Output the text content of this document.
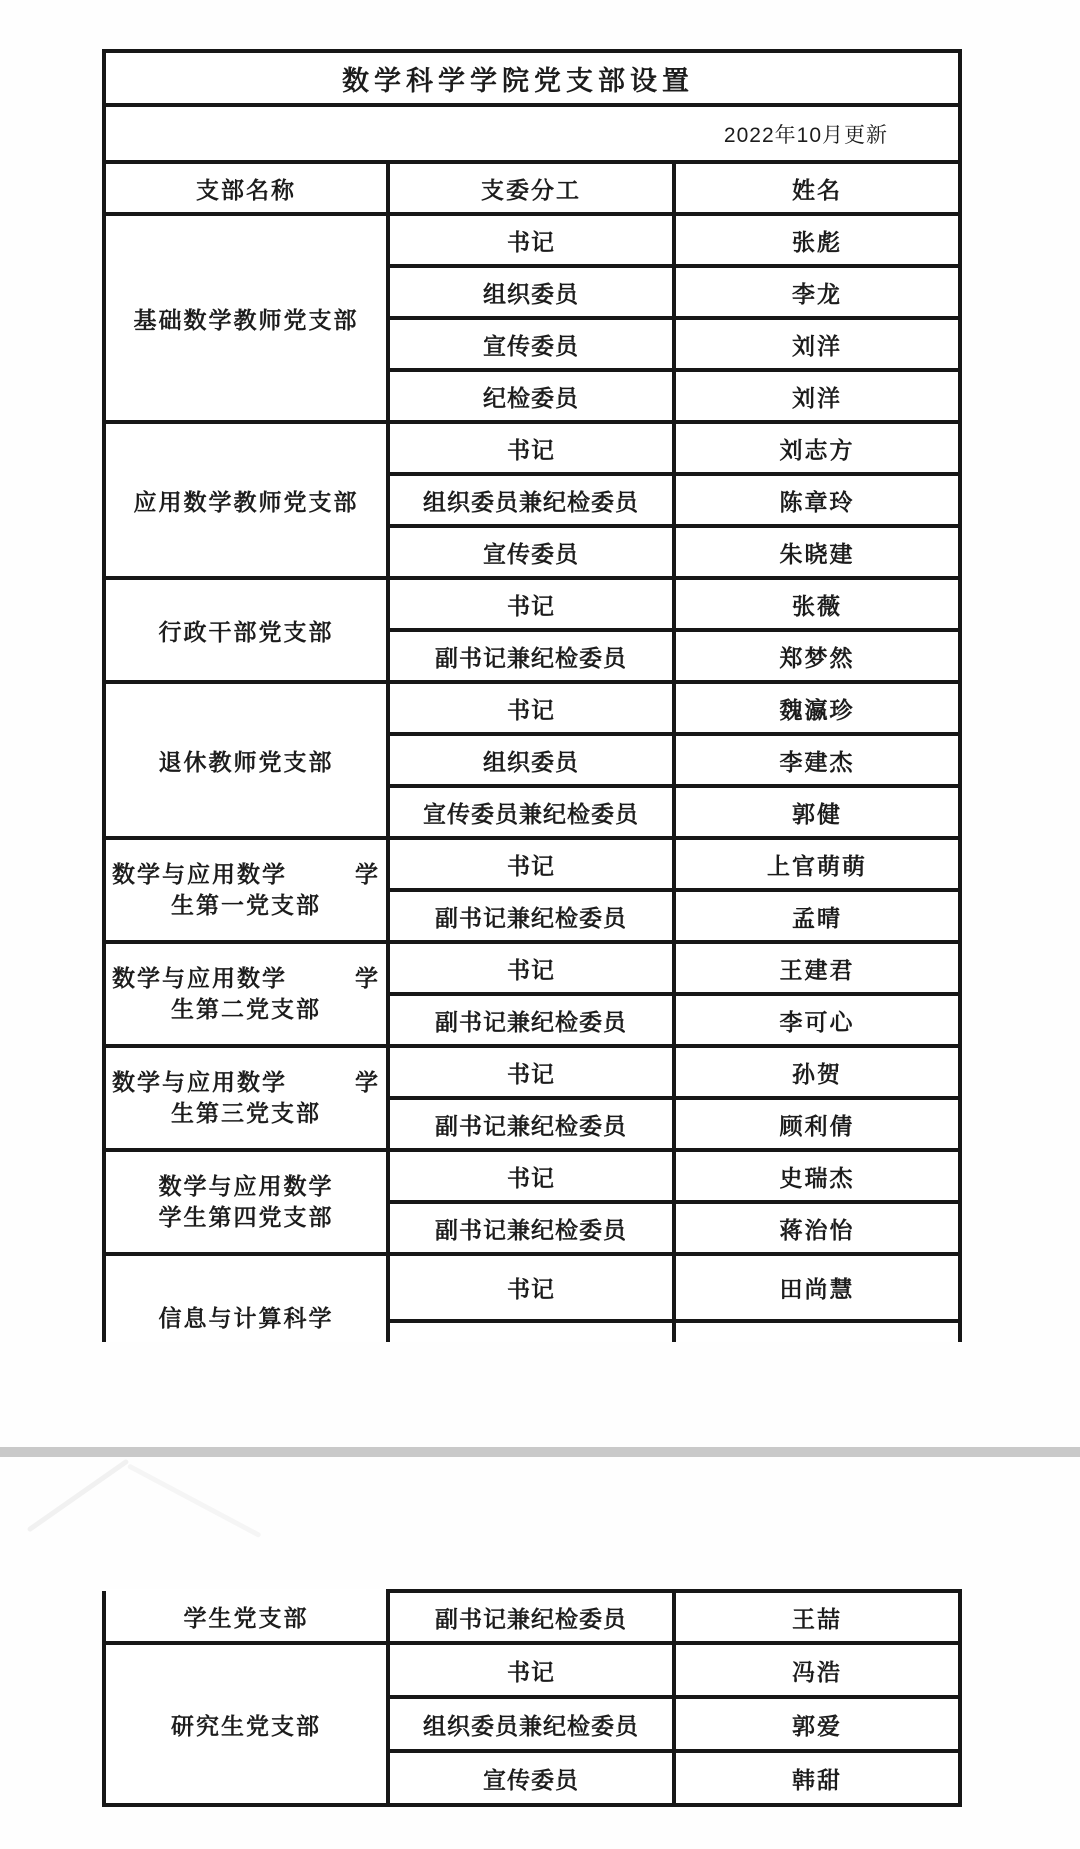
数学科学学院党支部设置		
2022年10月更新		
支部名称	支委分工	姓名
基础数学教师党支部	书记	张彪
	组织委员	李龙
	宣传委员	刘洋
	纪检委员	刘洋
应用数学教师党支部	书记	刘志方
	组织委员兼纪检委员	陈章玲
	宣传委员	朱晓建
行政干部党支部	书记	张薇
	副书记兼纪检委员	郑梦然
退休教师党支部	书记	魏瀛珍
	组织委员	李建杰
	宣传委员兼纪检委员	郭健

数学与应用数学 学
生第一党支部	书记	上官萌萌
	副书记兼纪检委员	孟晴

数学与应用数学 学
生第二党支部	书记	王建君
	副书记兼纪检委员	李可心

数学与应用数学 学
生第三党支部	书记	孙贺
	副书记兼纪检委员	顾利倩

数学与应用数学
学生第四党支部	书记	史瑞杰
	副书记兼纪检委员	蒋治怡
信息与计算科学	书记	田尚慧

学生党支部	副书记兼纪检委员	王喆
研究生党支部	书记	冯浩
	组织委员兼纪检委员	郭爱
	宣传委员	韩甜
